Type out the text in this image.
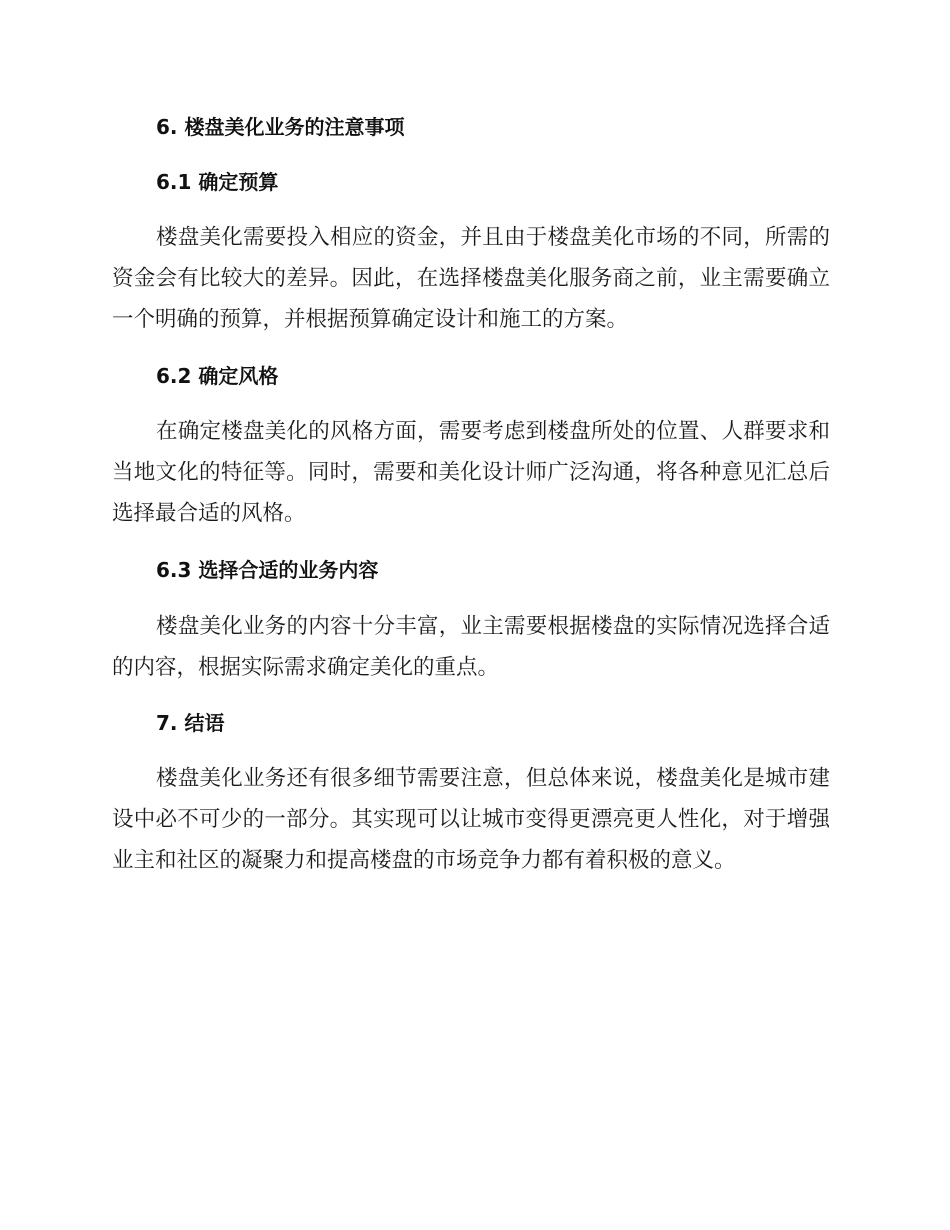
6. 楼盘美化业务的注意事项
6.1 确定预算

楼盘美化需要投入相应的资金，并且由于楼盘美化市场的不同，所需的资金会有比较大的差异。因此，在选择楼盘美化服务商之前，业主需要确立一个明确的预算，并根据预算确定设计和施工的方案。

6.2 确定风格

在确定楼盘美化的风格方面，需要考虑到楼盘所处的位置、人群要求和当地文化的特征等。同时，需要和美化设计师广泛沟通，将各种意见汇总后选择最合适的风格。

6.3 选择合适的业务内容

楼盘美化业务的内容十分丰富，业主需要根据楼盘的实际情况选择合适的内容，根据实际需求确定美化的重点。

7. 结语

楼盘美化业务还有很多细节需要注意，但总体来说，楼盘美化是城市建设中必不可少的一部分。其实现可以让城市变得更漂亮更人性化，对于增强业主和社区的凝聚力和提高楼盘的市场竞争力都有着积极的意义。
